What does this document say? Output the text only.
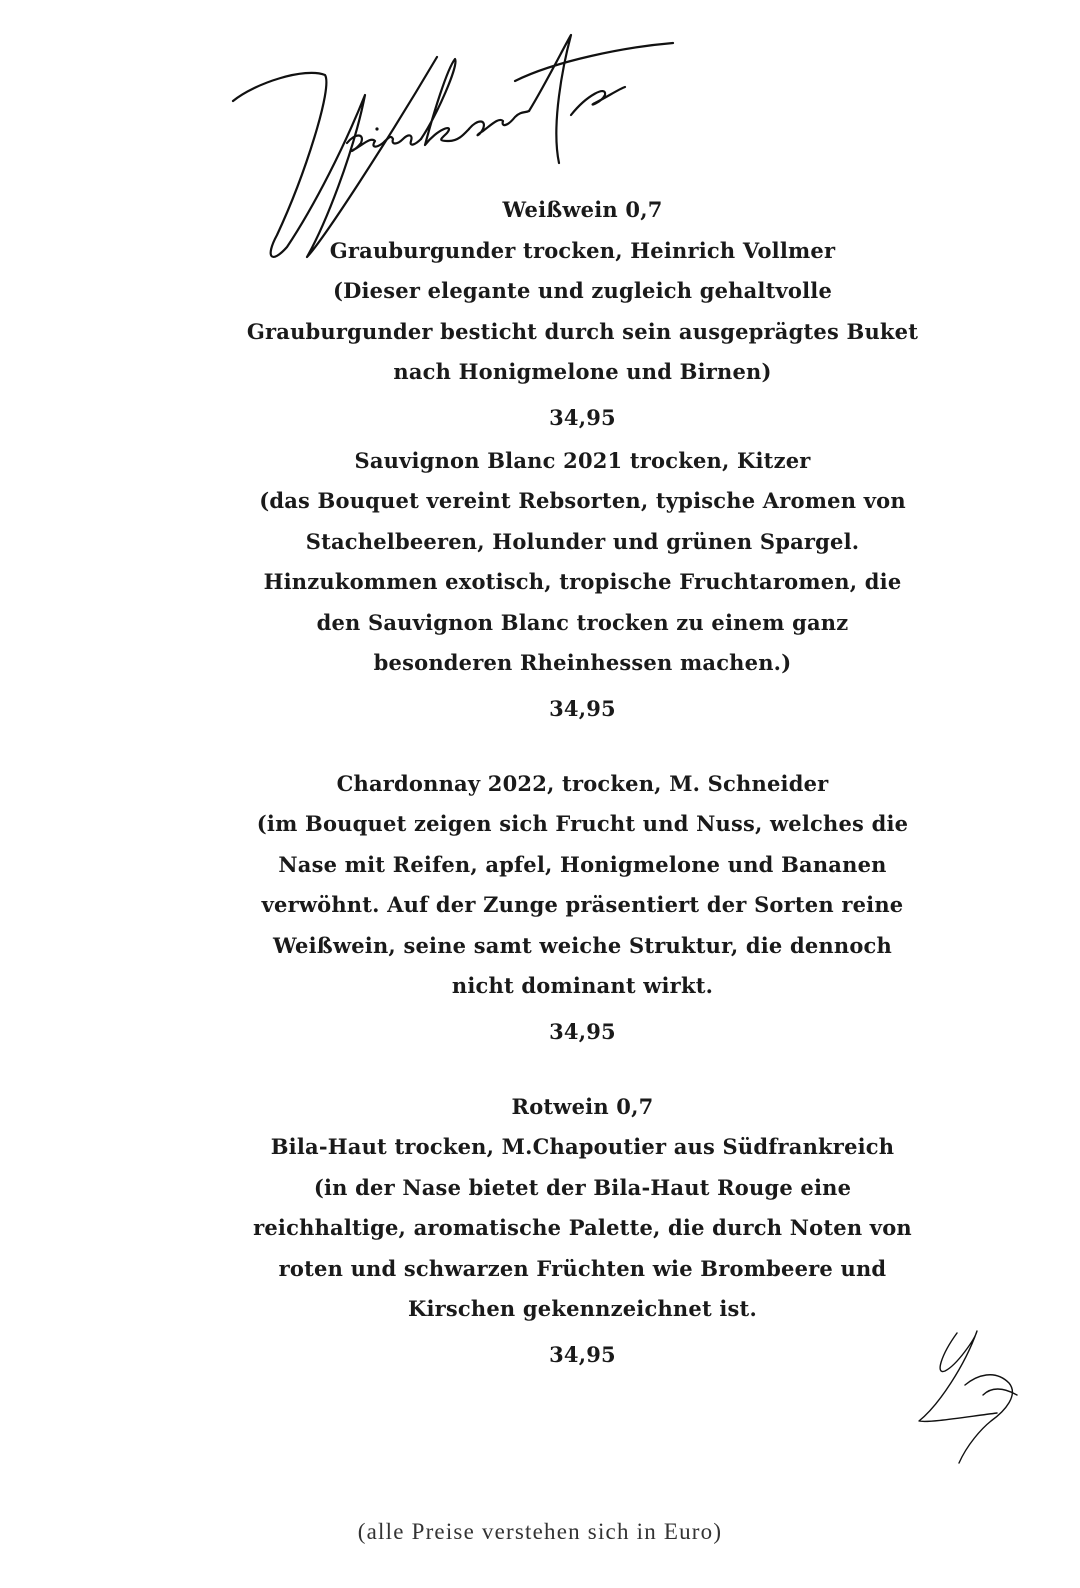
Weißwein 0,7

Grauburgunder trocken, Heinrich Vollmer

(Dieser elegante und zugleich gehaltvolle Grauburgunder besticht durch sein ausgeprägtes Buket nach Honigmelone und Birnen)

34,95

Sauvignon Blanc 2021 trocken, Kitzer

(das Bouquet vereint Rebsorten, typische Aromen von Stachelbeeren, Holunder und grünen Spargel. Hinzukommen exotisch, tropische Fruchtaromen, die den Sauvignon Blanc trocken zu einem ganz besonderen Rheinhessen machen.)

34,95

Chardonnay 2022, trocken, M. Schneider

(im Bouquet zeigen sich Frucht und Nuss, welches die Nase mit Reifen, apfel, Honigmelone und Bananen verwöhnt. Auf der Zunge präsentiert der Sorten reine Weißwein, seine samt weiche Struktur, die dennoch nicht dominant wirkt.

34,95

Rotwein 0,7

Bila-Haut trocken, M.Chapoutier aus Südfrankreich

(in der Nase bietet der Bila-Haut Rouge eine reichhaltige, aromatische Palette, die durch Noten von roten und schwarzen Früchten wie Brombeere und Kirschen gekennzeichnet ist.

34,95

(alle Preise verstehen sich in Euro)
